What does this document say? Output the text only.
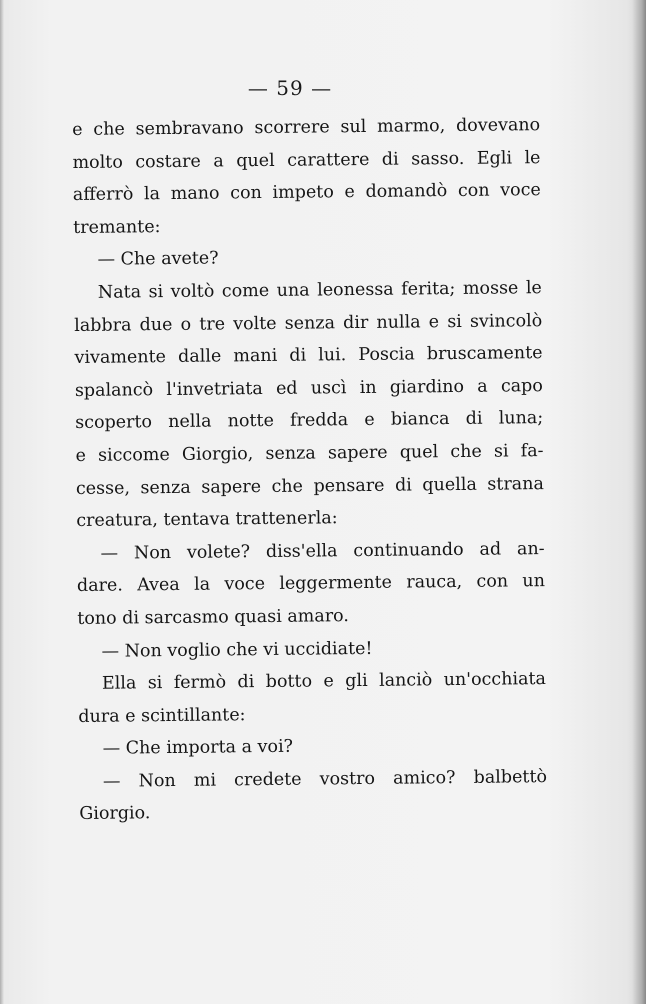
— 59 —
e che sembravano scorrere sul marmo, dovevano
molto costare a quel carattere di sasso. Egli le
afferrò la mano con impeto e domandò con voce
tremante:
— Che avete?
Nata si voltò come una leonessa ferita; mosse le
labbra due o tre volte senza dir nulla e si svincolò
vivamente dalle mani di lui. Poscia bruscamente
spalancò l'invetriata ed uscì in giardino a capo
scoperto nella notte fredda e bianca di luna;
e siccome Giorgio, senza sapere quel che si fa-
cesse, senza sapere che pensare di quella strana
creatura, tentava trattenerla:
— Non volete? diss'ella continuando ad an-
dare. Avea la voce leggermente rauca, con un
tono di sarcasmo quasi amaro.
— Non voglio che vi uccidiate!
Ella si fermò di botto e gli lanciò un'occhiata
dura e scintillante:
— Che importa a voi?
— Non mi credete vostro amico? balbettò
Giorgio.
